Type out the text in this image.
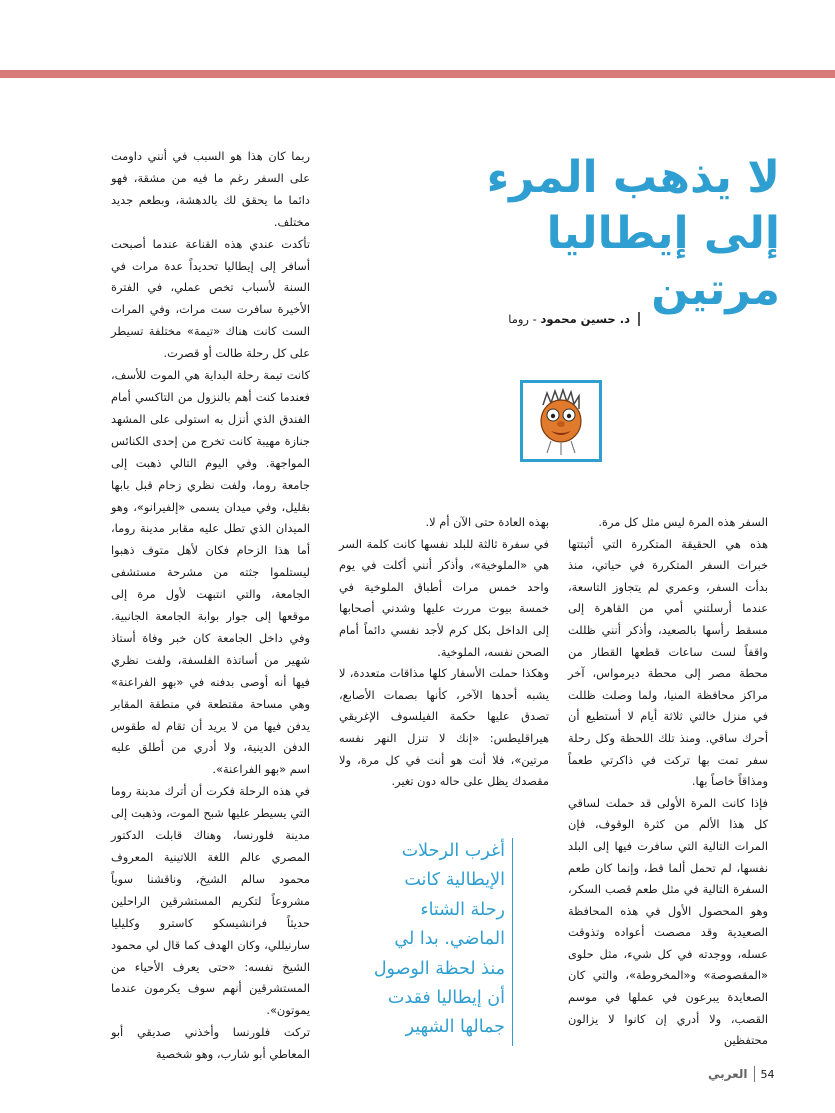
ربما كان هذا هو السبب في أنني داومت على السفر رغم ما فيه من مشقة، فهو دائما ما يحقق لك بالدهشة، وبطعم جديد مختلف.

تأكدت عندي هذه القناعة عندما أصبحت أسافر إلى إيطاليا تحديداً عدة مرات في السنة لأسباب تخص عملي، في الفترة الأخيرة سافرت ست مرات، وفي المرات الست كانت هناك «تيمة» مختلفة تسيطر على كل رحلة طالت أو قصرت.

كانت تيمة رحلة البداية هي الموت للأسف، فعندما كنت أهم بالنزول من التاكسي أمام الفندق الذي أنزل به استولى على المشهد جنازة مهيبة كانت تخرج من إحدى الكنائس المواجهة. وفي اليوم التالي ذهبت إلى جامعة روما، ولفت نظري زحام قبل بابها بقليل، وفي ميدان يسمى «إلفيرانو»، وهو الميدان الذي تطل عليه مقابر مدينة روما، أما هذا الزحام فكان لأهل متوف ذهبوا ليستلموا جثته من مشرحة مستشفى الجامعة، والتي انتبهت لأول مرة إلى موقعها إلى جوار بوابة الجامعة الجانبية. وفي داخل الجامعة كان خبر وفاة أستاذ شهير من أساتذة الفلسفة، ولفت نظري فيها أنه أوصى بدفنه في «بهو الفراعنة» وهي مساحة مقتطعة في منطقة المقابر يدفن فيها من لا يريد أن تقام له طقوس الدفن الدينية، ولا أدري من أطلق عليه اسم «بهو الفراعنة».

في هذه الرحلة فكرت أن أترك مدينة روما التي يسيطر عليها شبح الموت، وذهبت إلى مدينة فلورنسا، وهناك قابلت الدكتور المصري عالم اللغة اللاتينية المعروف محمود سالم الشيخ، وناقشنا سوياً مشروعاً لتكريم المستشرقين الراحلين حديثاً فرانشيسكو كاسترو وكليليا سارنيللي، وكان الهدف كما قال لي محمود الشيخ نفسه: «حتى يعرف الأحياء من المستشرقين أنهم سوف يكرمون عندما يموتون».

تركت فلورنسا وأخذني صديقي أبو المعاطي أبو شارب، وهو شخصية

لا يذهب المرء
إلى إيطاليا مرتين
د. حسين محمود - روما

بهذه العادة حتى الآن أم لا.

في سفرة ثالثة للبلد نفسها كانت كلمة السر هي «الملوخية»، وأذكر أنني أكلت في يوم واحد خمس مرات أطباق الملوخية في خمسة بيوت مررت عليها وشدني أصحابها إلى الداخل بكل كرم لأجد نفسي دائماً أمام الصحن نفسه، الملوخية.

وهكذا حملت الأسفار كلها مذاقات متعددة، لا يشبه أحدها الآخر، كأنها بصمات الأصابع، تصدق عليها حكمة الفيلسوف الإغريقي هيراقليطس: «إنك لا تنزل النهر نفسه مرتين»، فلا أنت هو أنت في كل مرة، ولا مقصدك يظل على حاله دون تغير.

السفر هذه المرة ليس مثل كل مرة.

هذه هي الحقيقة المتكررة التي أثبتتها خبرات السفر المتكررة في حياتي، منذ بدأت السفر، وعمري لم يتجاوز التاسعة، عندما أرسلتني أمي من القاهرة إلى مسقط رأسها بالصعيد، وأذكر أنني ظللت واقفاً لست ساعات قطعها القطار من محطة مصر إلى محطة ديرمواس، آخر مراكز محافظة المنيا، ولما وصلت ظللت في منزل خالتي ثلاثة أيام لا أستطيع أن أحرك ساقي. ومنذ تلك اللحظة وكل رحلة سفر تمت بها تركت في ذاكرتي طعماً ومذاقاً خاصاً بها.

فإذا كانت المرة الأولى قد حملت لساقي كل هذا الألم من كثرة الوقوف، فإن المرات التالية التي سافرت فيها إلى البلد نفسها، لم تحمل ألما قط، وإنما كان طعم السفرة التالية في مثل طعم قصب السكر، وهو المحصول الأول في هذه المحافظة الصعيدية وقد مصصت أعواده وتذوقت عسله، ووجدته في كل شيء، مثل حلوى «المقصوصة» و«المخروطة»، والتي كان الصعايدة يبرعون في عملها في موسم القصب، ولا أدري إن كانوا لا يزالون محتفظين

أغرب الرحلات
الإيطالية كانت
رحلة الشتاء
الماضي. بدا لي
منذ لحظة الوصول
أن إيطاليا فقدت
جمالها الشهير

54
العربي
